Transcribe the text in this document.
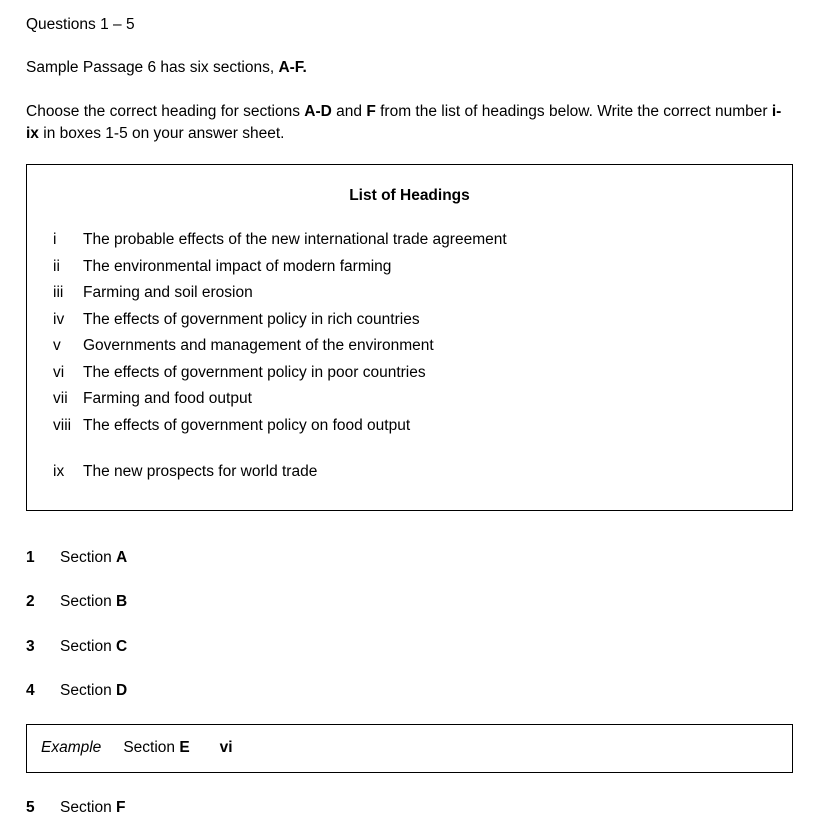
Questions 1 – 5
Sample Passage 6 has six sections, A-F.
Choose the correct heading for sections A-D and F from the list of headings below. Write the correct number i-ix in boxes 1-5 on your answer sheet.
List of Headings
i	The probable effects of the new international trade agreement
ii	The environmental impact of modern farming
iii	Farming and soil erosion
iv	The effects of government policy in rich countries
v	Governments and management of the environment
vi	The effects of government policy in poor countries
vii Farming and food output
viii The effects of government policy on food output
ix	The new prospects for world trade
1	Section A
2	Section B
3	Section C
4	Section D
Example Section E vi
5	Section F
